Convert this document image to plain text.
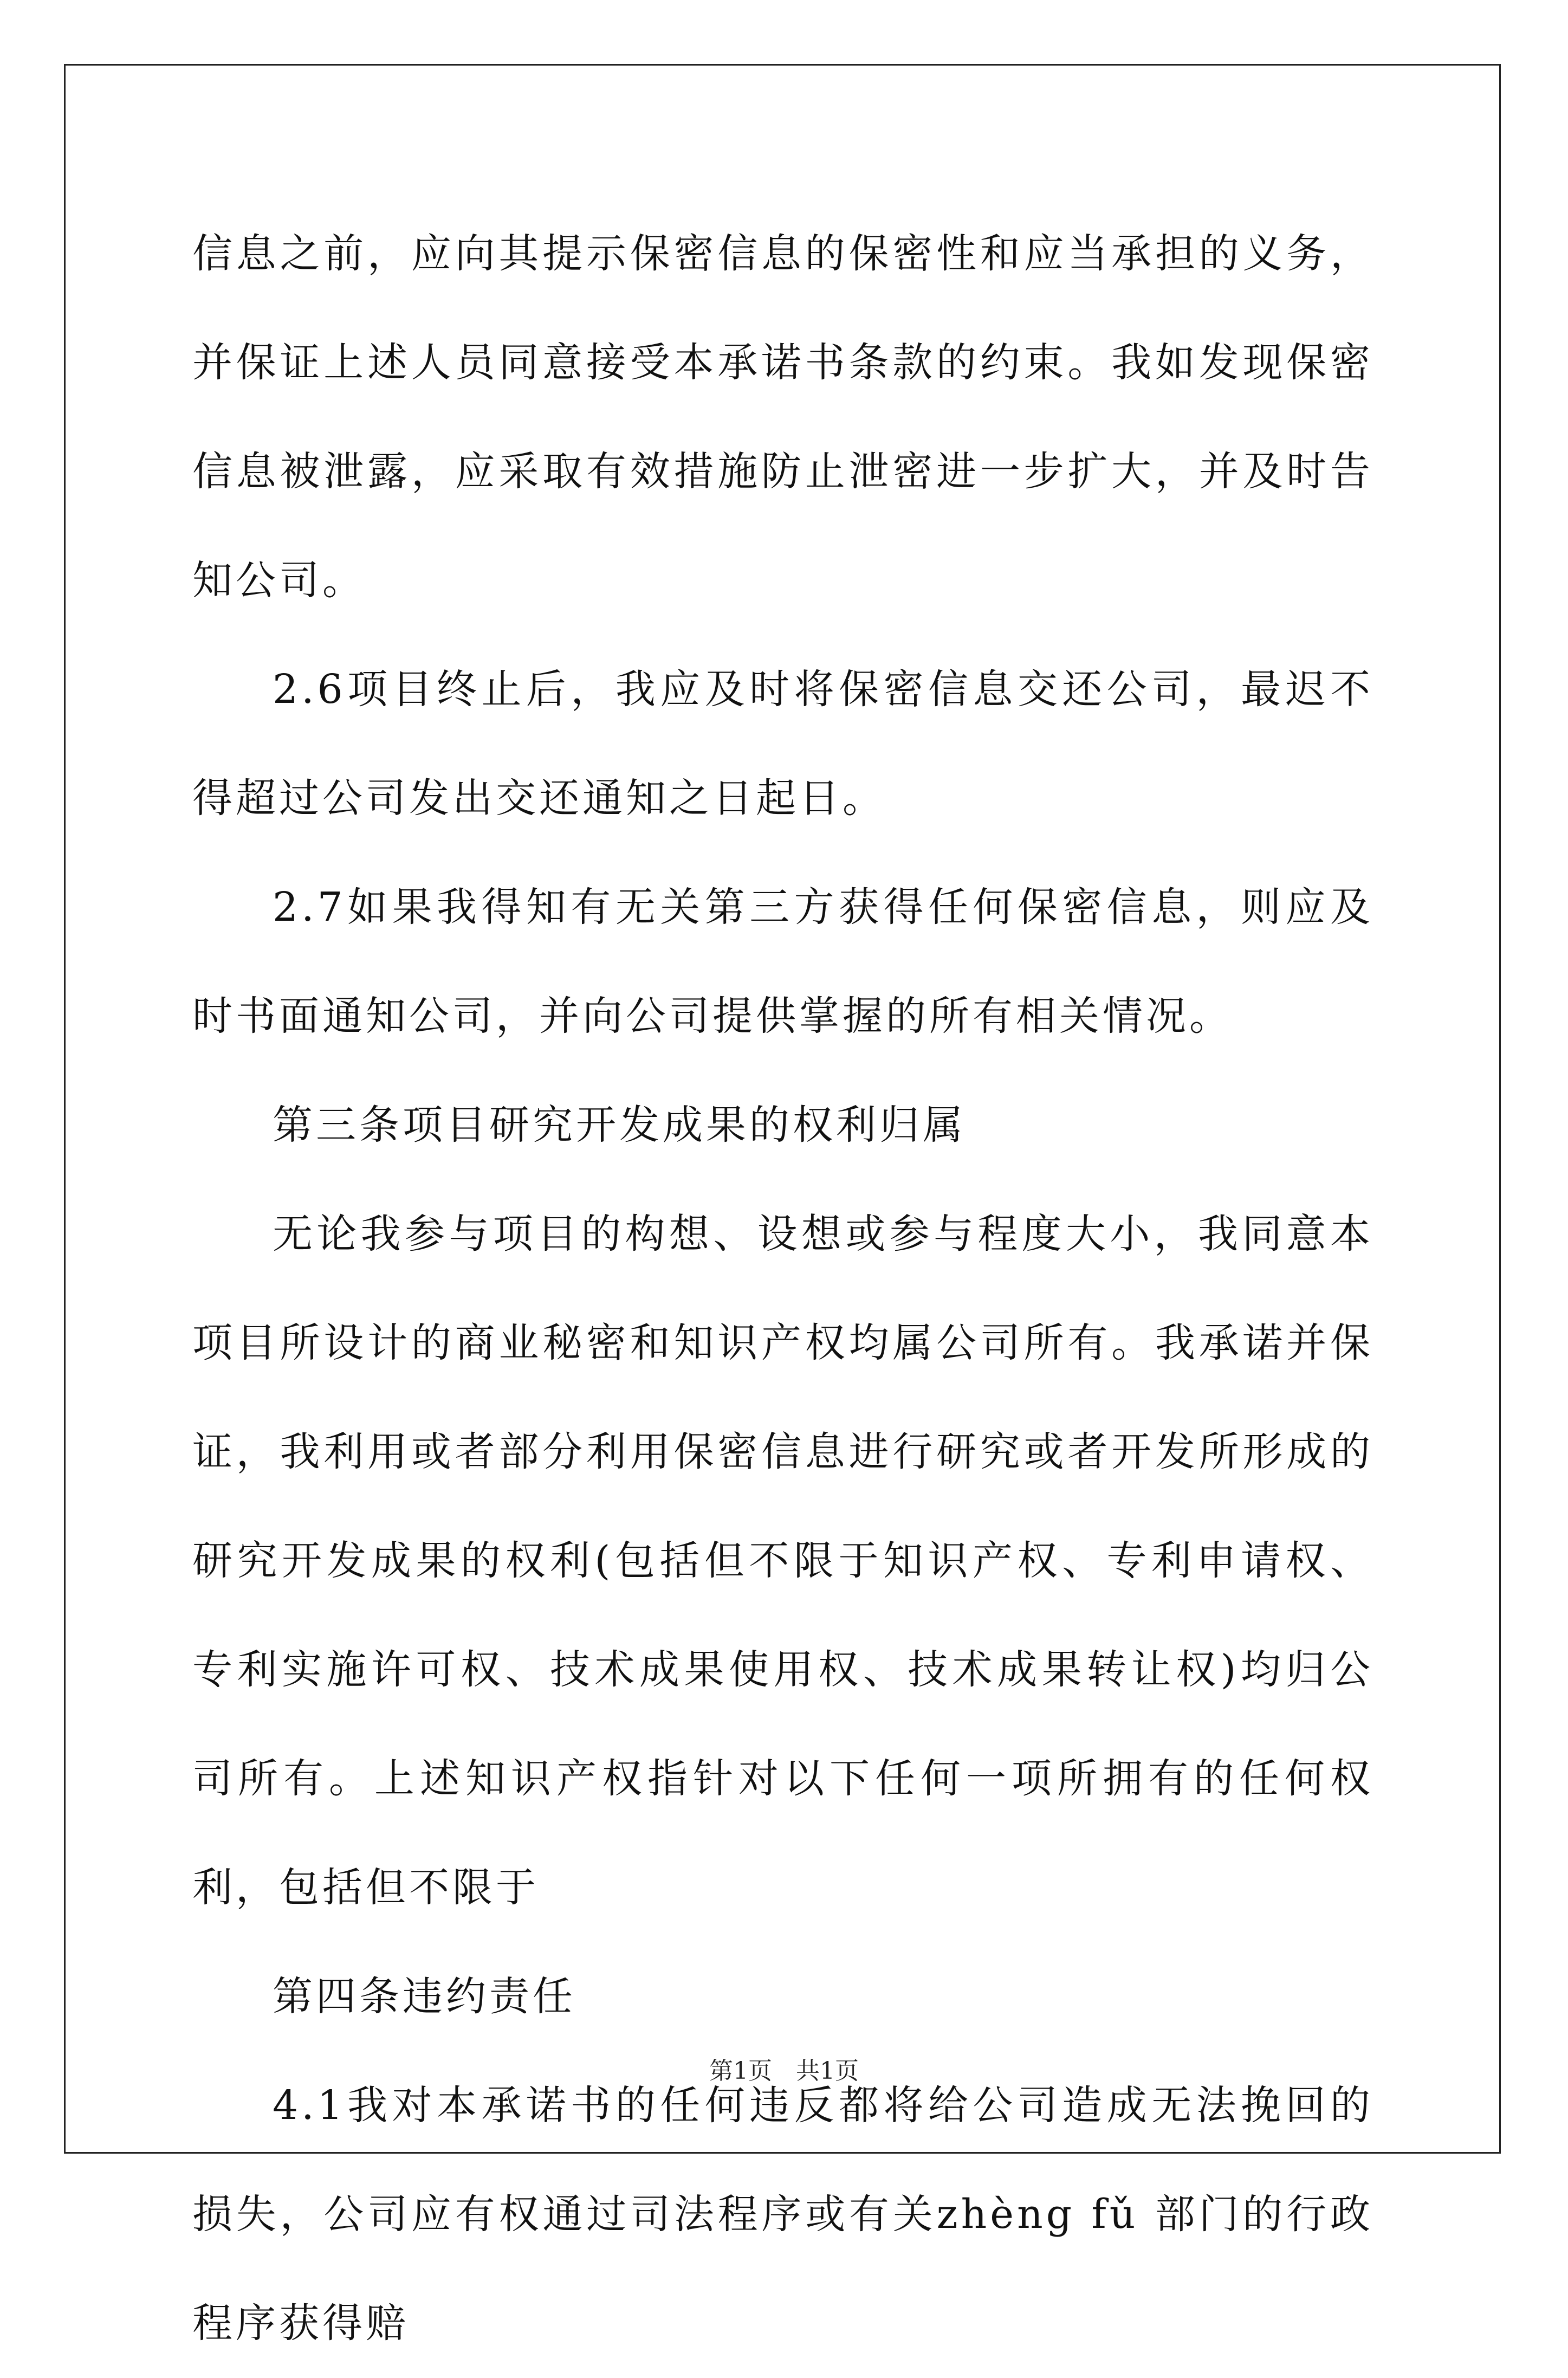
信息之前，应向其提示保密信息的保密性和应当承担的义务，并保证上述人员同意接受本承诺书条款的约束。我如发现保密信息被泄露，应采取有效措施防止泄密进一步扩大，并及时告知公司。

2.6项目终止后，我应及时将保密信息交还公司，最迟不得超过公司发出交还通知之日起日。

2.7如果我得知有无关第三方获得任何保密信息，则应及时书面通知公司，并向公司提供掌握的所有相关情况。

第三条项目研究开发成果的权利归属

无论我参与项目的构想、设想或参与程度大小，我同意本项目所设计的商业秘密和知识产权均属公司所有。我承诺并保证，我利用或者部分利用保密信息进行研究或者开发所形成的研究开发成果的权利(包括但不限于知识产权、专利申请权、专利实施许可权、技术成果使用权、技术成果转让权)均归公司所有。上述知识产权指针对以下任何一项所拥有的任何权利，包括但不限于

第四条违约责任

4.1我对本承诺书的任何违反都将给公司造成无法挽回的损失，公司应有权通过司法程序或有关zhèng fǔ 部门的行政程序获得赔

第1页　共1页
